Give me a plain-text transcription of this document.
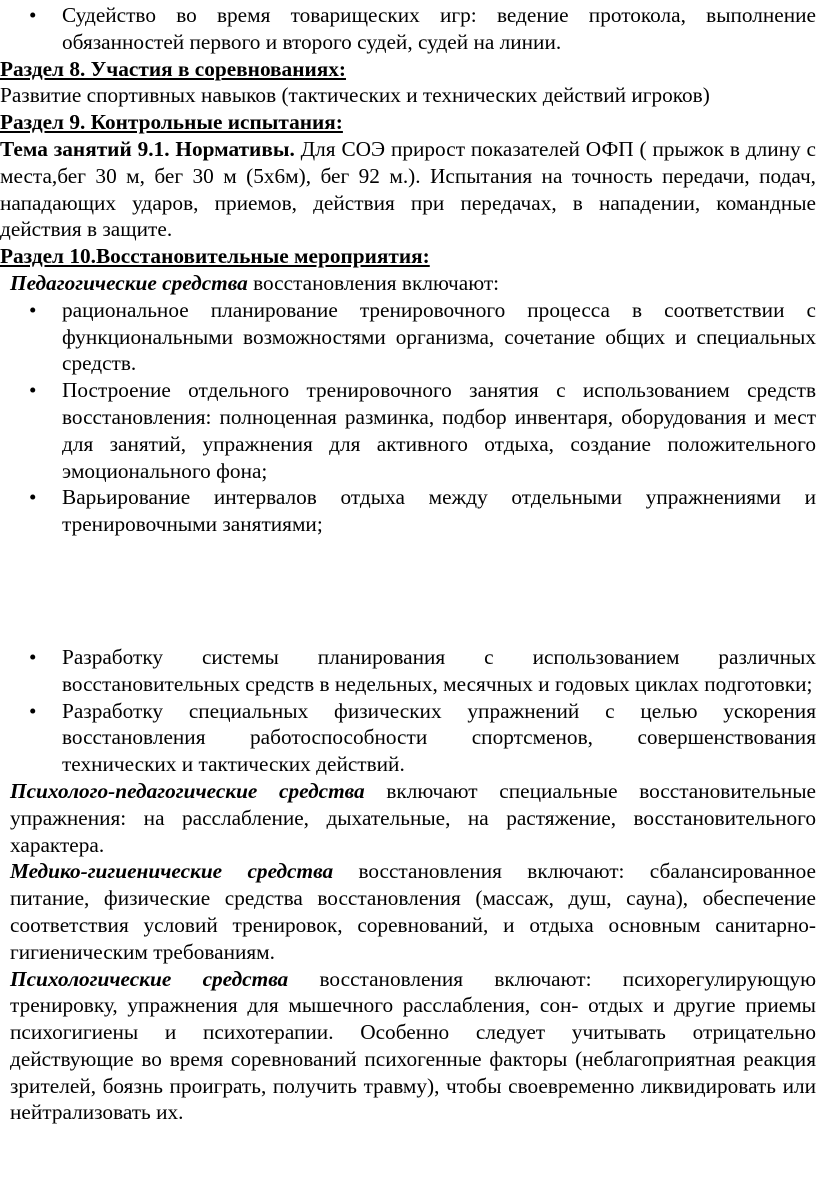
• Судейство во время товарищеских игр: ведение протокола, выполнение обязанностей первого и второго судей, судей на линии.

Раздел 8. Участия в соревнованиях:

Развитие спортивных навыков (тактических и технических действий игроков)

Раздел 9. Контрольные испытания:

Тема занятий 9.1. Нормативы. Для СОЭ прирост показателей ОФП ( прыжок в длину с места,бег 30 м, бег 30 м (5х6м), бег 92 м.). Испытания на точность передачи, подач, нападающих ударов, приемов, действия при передачах, в нападении, командные действия в защите.

Раздел 10.Восстановительные мероприятия:

Педагогические средства восстановления включают:

• рациональное планирование тренировочного процесса в соответствии с функциональными возможностями организма, сочетание общих и специальных средств.
• Построение отдельного тренировочного занятия с использованием средств восстановления: полноценная разминка, подбор инвентаря, оборудования и мест для занятий, упражнения для активного отдыха, создание положительного эмоционального фона;
• Варьирование интервалов отдыха между отдельными упражнениями и тренировочными занятиями;
• Разработку системы планирования с использованием различных восстановительных средств в недельных, месячных и годовых циклах подготовки;
• Разработку специальных физических упражнений с целью ускорения восстановления работоспособности спортсменов, совершенствования технических и тактических действий.

Психолого-педагогические средства включают специальные восстановительные упражнения: на расслабление, дыхательные, на растяжение, восстановительного характера.

Медико-гигиенические средства восстановления включают: сбалансированное питание, физические средства восстановления (массаж, душ, сауна), обеспечение соответствия условий тренировок, соревнований, и отдыха основным санитарно-гигиеническим требованиям.

Психологические средства восстановления включают: психорегулирующую тренировку, упражнения для мышечного расслабления, сон- отдых и другие приемы психогигиены и психотерапии. Особенно следует учитывать отрицательно действующие во время соревнований психогенные факторы (неблагоприятная реакция зрителей, боязнь проиграть, получить травму), чтобы своевременно ликвидировать или нейтрализовать их.
